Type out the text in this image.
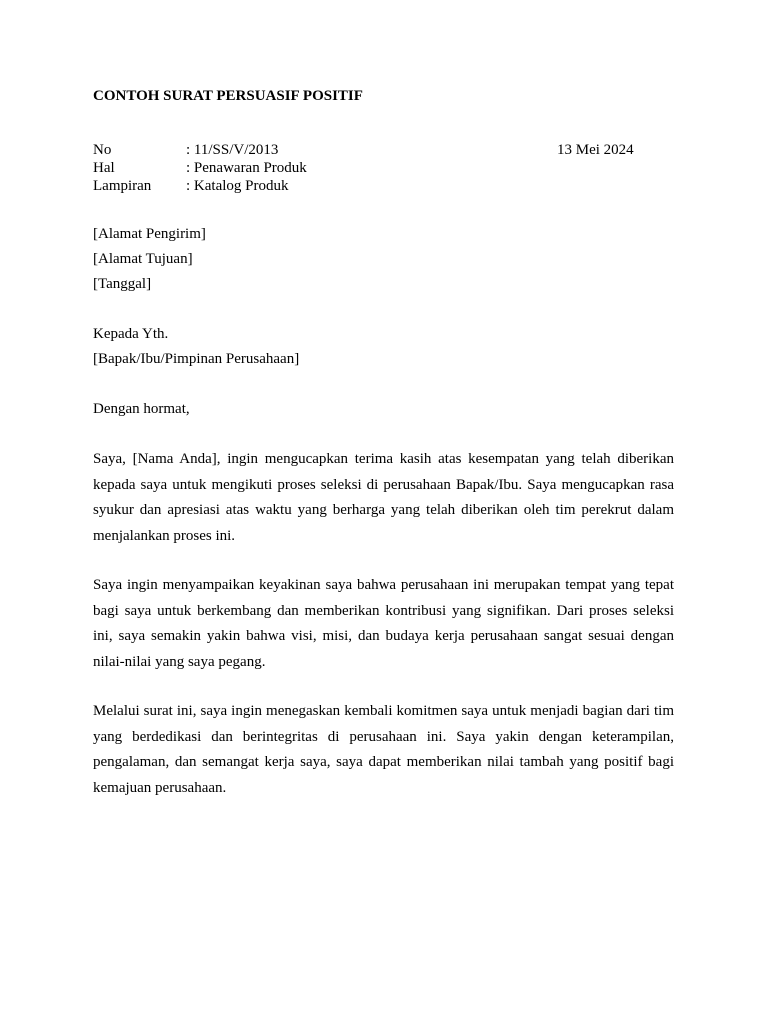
CONTOH SURAT PERSUASIF POSITIF
No	: 11/SS/V/2013
Hal	: Penawaran Produk
Lampiran : Katalog Produk
13 Mei 2024
[Alamat Pengirim]
[Alamat Tujuan]
[Tanggal]
Kepada Yth.
[Bapak/Ibu/Pimpinan Perusahaan]
Dengan hormat,

Saya, [Nama Anda], ingin mengucapkan terima kasih atas kesempatan yang telah diberikan kepada saya untuk mengikuti proses seleksi di perusahaan Bapak/Ibu. Saya mengucapkan rasa syukur dan apresiasi atas waktu yang berharga yang telah diberikan oleh tim perekrut dalam menjalankan proses ini.

Saya ingin menyampaikan keyakinan saya bahwa perusahaan ini merupakan tempat yang tepat bagi saya untuk berkembang dan memberikan kontribusi yang signifikan. Dari proses seleksi ini, saya semakin yakin bahwa visi, misi, dan budaya kerja perusahaan sangat sesuai dengan nilai-nilai yang saya pegang.

Melalui surat ini, saya ingin menegaskan kembali komitmen saya untuk menjadi bagian dari tim yang berdedikasi dan berintegritas di perusahaan ini. Saya yakin dengan keterampilan, pengalaman, dan semangat kerja saya, saya dapat memberikan nilai tambah yang positif bagi kemajuan perusahaan.
